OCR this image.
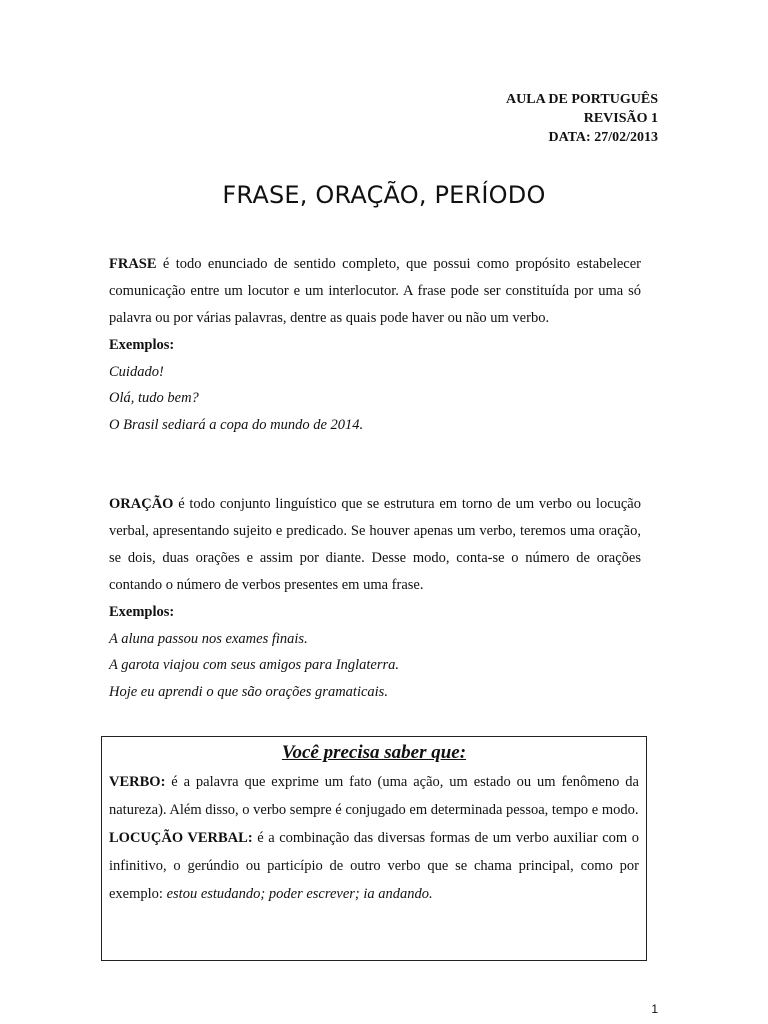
AULA DE PORTUGUÊS
REVISÃO 1
DATA: 27/02/2013
FRASE, ORAÇÃO, PERÍODO

FRASE é todo enunciado de sentido completo, que possui como propósito estabelecer comunicação entre um locutor e um interlocutor. A frase pode ser constituída por uma só palavra ou por várias palavras, dentre as quais pode haver ou não um verbo.

Exemplos:

Cuidado!

Olá, tudo bem?

O Brasil sediará a copa do mundo de 2014.

ORAÇÃO é todo conjunto linguístico que se estrutura em torno de um verbo ou locução verbal, apresentando sujeito e predicado. Se houver apenas um verbo, teremos uma oração, se dois, duas orações e assim por diante. Desse modo, conta-se o número de orações contando o número de verbos presentes em uma frase.

Exemplos:

A aluna passou nos exames finais.

A garota viajou com seus amigos para Inglaterra.

Hoje eu aprendi o que são orações gramaticais.

Você precisa saber que:

VERBO: é a palavra que exprime um fato (uma ação, um estado ou um fenômeno da natureza). Além disso, o verbo sempre é conjugado em determinada pessoa, tempo e modo.

LOCUÇÃO VERBAL: é a combinação das diversas formas de um verbo auxiliar com o infinitivo, o gerúndio ou particípio de outro verbo que se chama principal, como por exemplo: estou estudando; poder escrever; ia andando.

1
